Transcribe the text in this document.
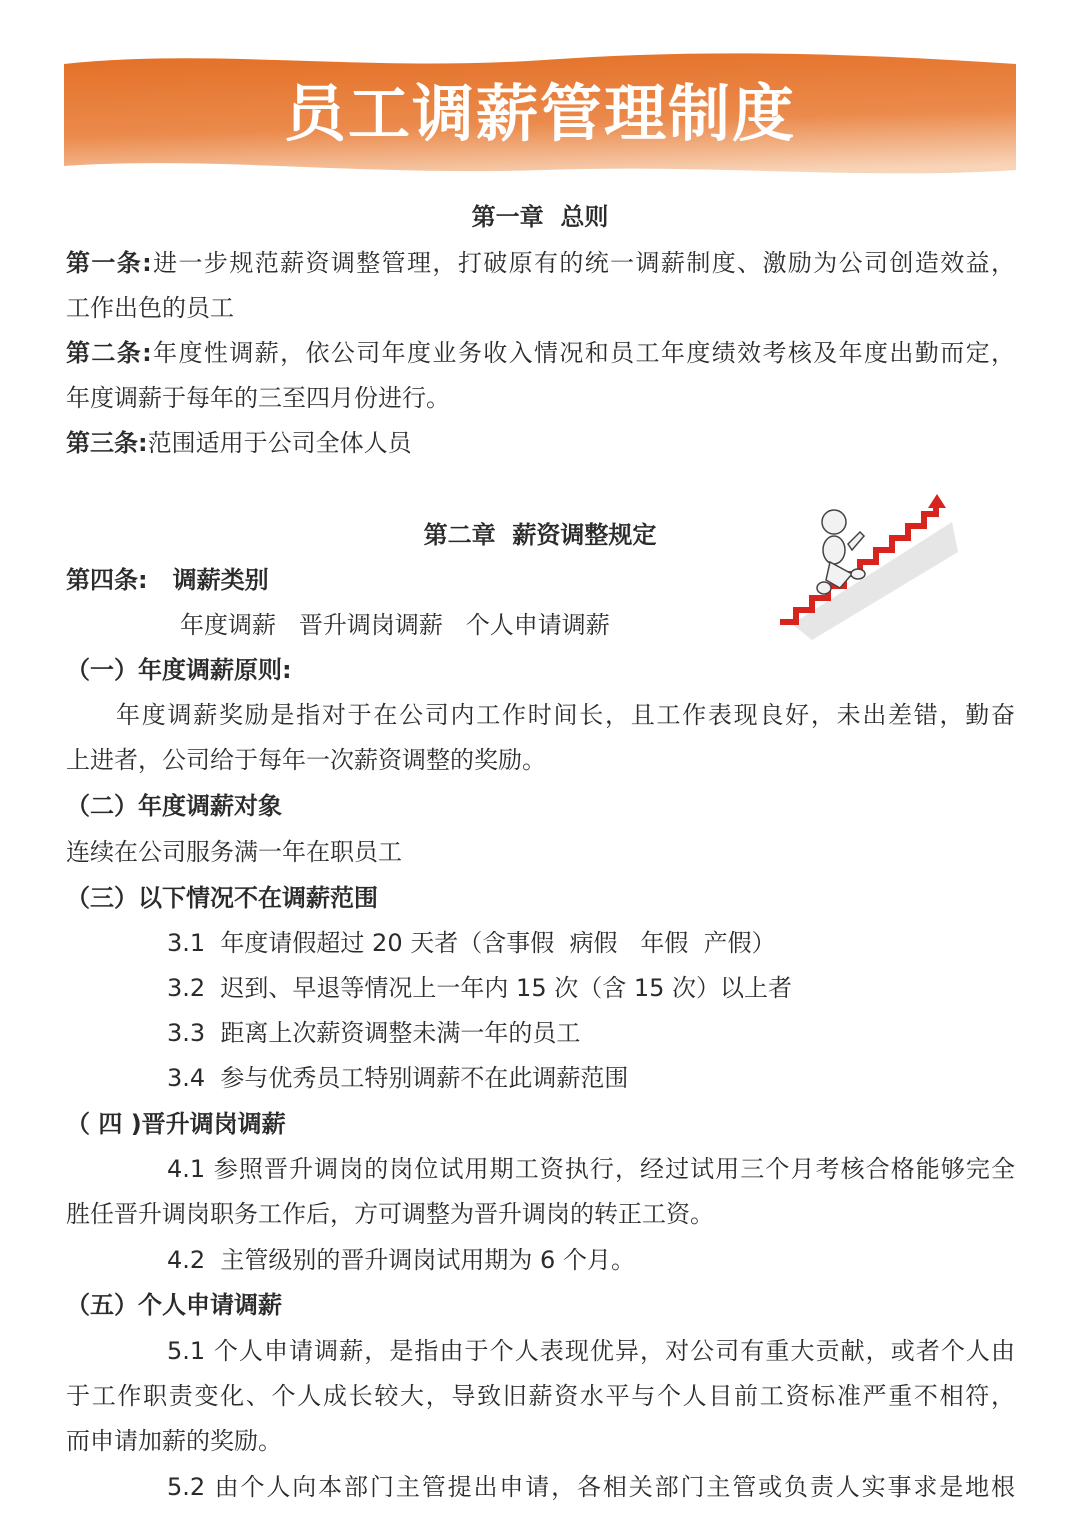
员工调薪管理制度
第一章  总则
第一条:进一步规范薪资调整管理，打破原有的统一调薪制度、激励为公司创造效益，
工作出色的员工
第二条:年度性调薪，依公司年度业务收入情况和员工年度绩效考核及年度出勤而定，
年度调薪于每年的三至四月份进行。
第三条:范围适用于公司全体人员
第二章  薪资调整规定
第四条:   调薪类别
年度调薪   晋升调岗调薪   个人申请调薪
（一）年度调薪原则:
年度调薪奖励是指对于在公司内工作时间长，且工作表现良好，未出差错，勤奋
上进者，公司给于每年一次薪资调整的奖励。
（二）年度调薪对象
连续在公司服务满一年在职员工
（三）以下情况不在调薪范围
3.1  年度请假超过 20 天者（含事假  病假   年假  产假）
3.2  迟到、早退等情况上一年内 15 次（含 15 次）以上者
3.3  距离上次薪资调整未满一年的员工
3.4  参与优秀员工特别调薪不在此调薪范围
（ 四 )晋升调岗调薪
4.1 参照晋升调岗的岗位试用期工资执行，经过试用三个月考核合格能够完全
胜任晋升调岗职务工作后，方可调整为晋升调岗的转正工资。
4.2  主管级别的晋升调岗试用期为 6 个月。
（五）个人申请调薪
5.1 个人申请调薪，是指由于个人表现优异，对公司有重大贡献，或者个人由
于工作职责变化、个人成长较大，导致旧薪资水平与个人目前工资标准严重不相符，
而申请加薪的奖励。
5.2 由个人向本部门主管提出申请，各相关部门主管或负责人实事求是地根
